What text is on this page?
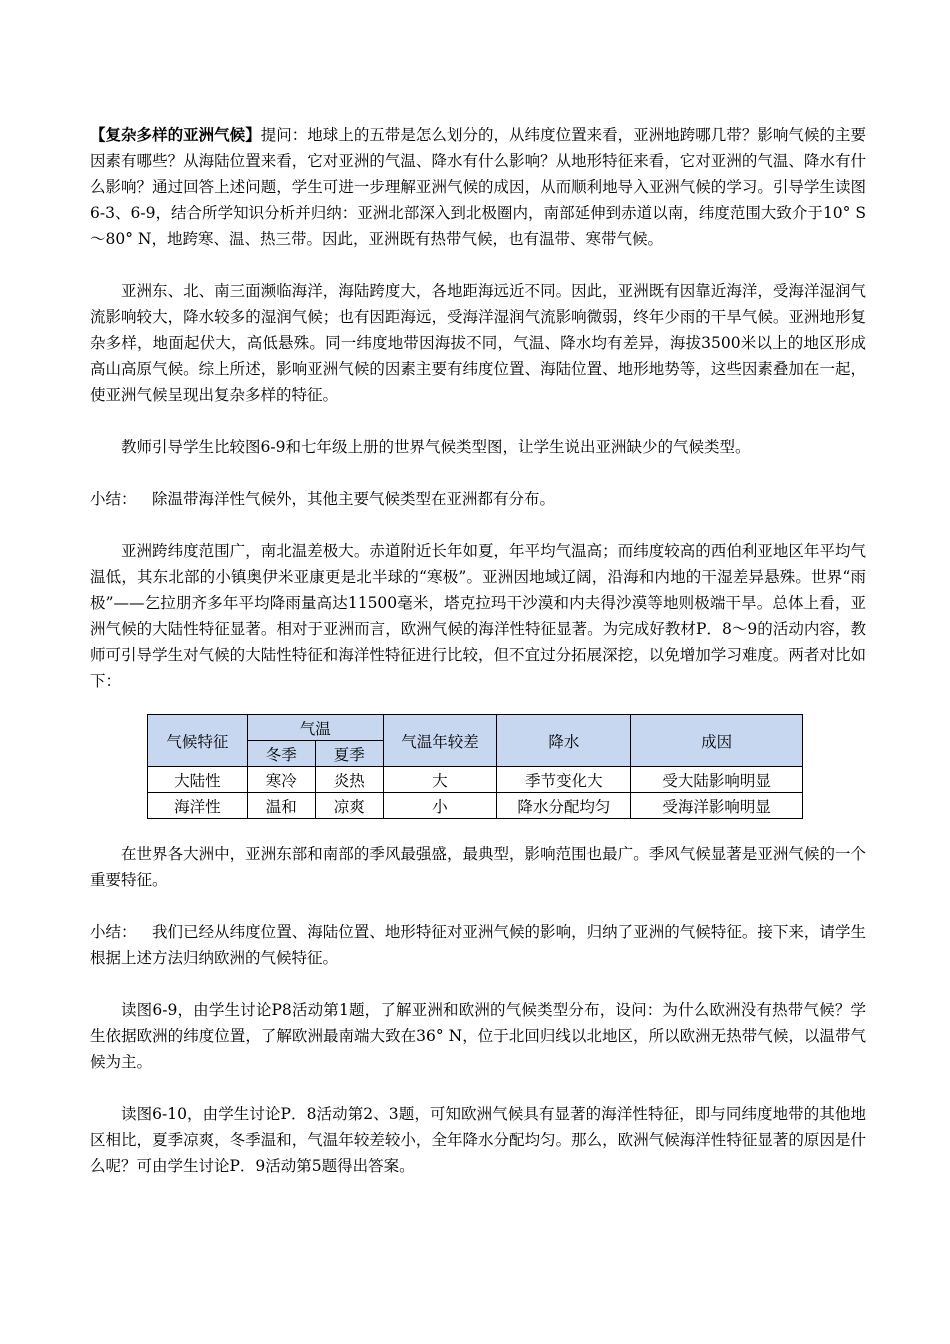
【复杂多样的亚洲气候】提问：地球上的五带是怎么划分的，从纬度位置来看，亚洲地跨哪几带？影响气候的主要因素有哪些？从海陆位置来看，它对亚洲的气温、降水有什么影响？从地形特征来看，它对亚洲的气温、降水有什么影响？通过回答上述问题，学生可进一步理解亚洲气候的成因，从而顺利地导入亚洲气候的学习。引导学生读图6-3、6-9，结合所学知识分析并归纳：亚洲北部深入到北极圈内，南部延伸到赤道以南，纬度范围大致介于10° S～80° N，地跨寒、温、热三带。因此，亚洲既有热带气候，也有温带、寒带气候。

亚洲东、北、南三面濒临海洋，海陆跨度大，各地距海远近不同。因此，亚洲既有因靠近海洋，受海洋湿润气流影响较大，降水较多的湿润气候；也有因距海远，受海洋湿润气流影响微弱，终年少雨的干旱气候。亚洲地形复杂多样，地面起伏大，高低悬殊。同一纬度地带因海拔不同，气温、降水均有差异，海拔3500米以上的地区形成高山高原气候。综上所述，影响亚洲气候的因素主要有纬度位置、海陆位置、地形地势等，这些因素叠加在一起，使亚洲气候呈现出复杂多样的特征。

教师引导学生比较图6-9和七年级上册的世界气候类型图，让学生说出亚洲缺少的气候类型。

小结： 除温带海洋性气候外，其他主要气候类型在亚洲都有分布。

亚洲跨纬度范围广，南北温差极大。赤道附近长年如夏，年平均气温高；而纬度较高的西伯利亚地区年平均气温低，其东北部的小镇奥伊米亚康更是北半球的“寒极”。亚洲因地域辽阔，沿海和内地的干湿差异悬殊。世界“雨极”——乞拉朋齐多年平均降雨量高达11500毫米，塔克拉玛干沙漠和内夫得沙漠等地则极端干旱。总体上看，亚洲气候的大陆性特征显著。相对于亚洲而言，欧洲气候的海洋性特征显著。为完成好教材P．8～9的活动内容，教师可引导学生对气候的大陆性特征和海洋性特征进行比较，但不宜过分拓展深挖，以免增加学习难度。两者对比如下：

气候特征	气温		气温年较差	降水	成因
	冬季	夏季			
大陆性	寒冷	炎热	大	季节变化大	受大陆影响明显
海洋性	温和	凉爽	小	降水分配均匀	受海洋影响明显

在世界各大洲中，亚洲东部和南部的季风最强盛，最典型，影响范围也最广。季风气候显著是亚洲气候的一个重要特征。

小结： 我们已经从纬度位置、海陆位置、地形特征对亚洲气候的影响，归纳了亚洲的气候特征。接下来，请学生根据上述方法归纳欧洲的气候特征。

读图6-9，由学生讨论P8活动第1题，了解亚洲和欧洲的气候类型分布，设问：为什么欧洲没有热带气候？学生依据欧洲的纬度位置，了解欧洲最南端大致在36° N，位于北回归线以北地区，所以欧洲无热带气候，以温带气候为主。

读图6-10，由学生讨论P．8活动第2、3题，可知欧洲气候具有显著的海洋性特征，即与同纬度地带的其他地区相比，夏季凉爽，冬季温和，气温年较差较小，全年降水分配均匀。那么，欧洲气候海洋性特征显著的原因是什么呢？可由学生讨论P．9活动第5题得出答案。
